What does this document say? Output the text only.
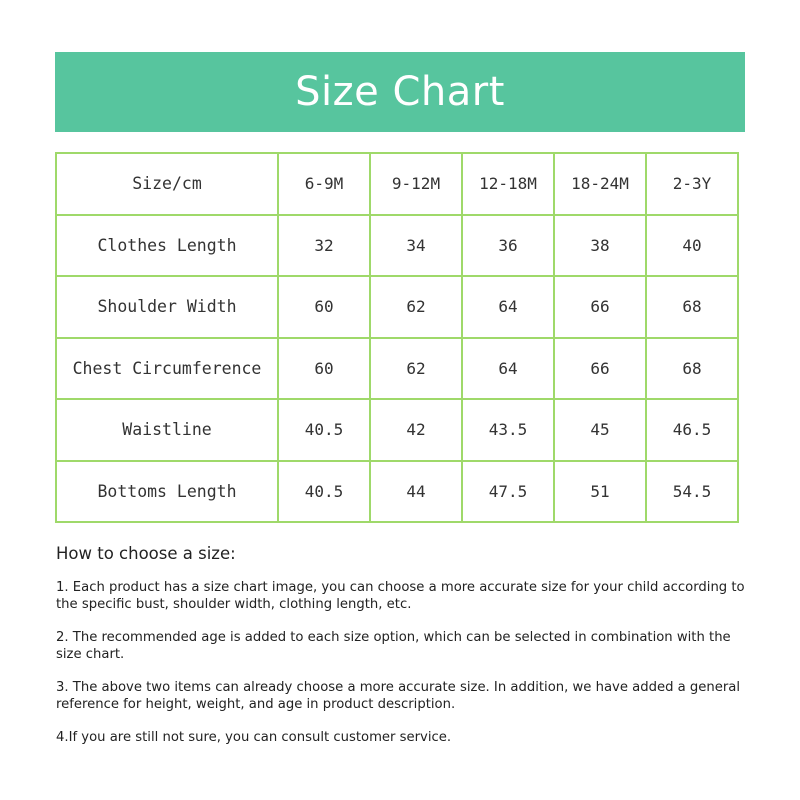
Size Chart
Size/cm	6-9M	9-12M	12-18M	18-24M	2-3Y
Clothes Length	32	34	36	38	40
Shoulder Width	60	62	64	66	68
Chest Circumference	60	62	64	66	68
Waistline	40.5	42	43.5	45	46.5
Bottoms Length	40.5	44	47.5	51	54.5

How to choose a size:

1. Each product has a size chart image, you can choose a more accurate size for your child according to the specific bust, shoulder width, clothing length, etc.

2. The recommended age is added to each size option, which can be selected in combination with the size chart.

3. The above two items can already choose a more accurate size. In addition, we have added a general reference for height, weight, and age in product description.

4.If you are still not sure, you can consult customer service.
